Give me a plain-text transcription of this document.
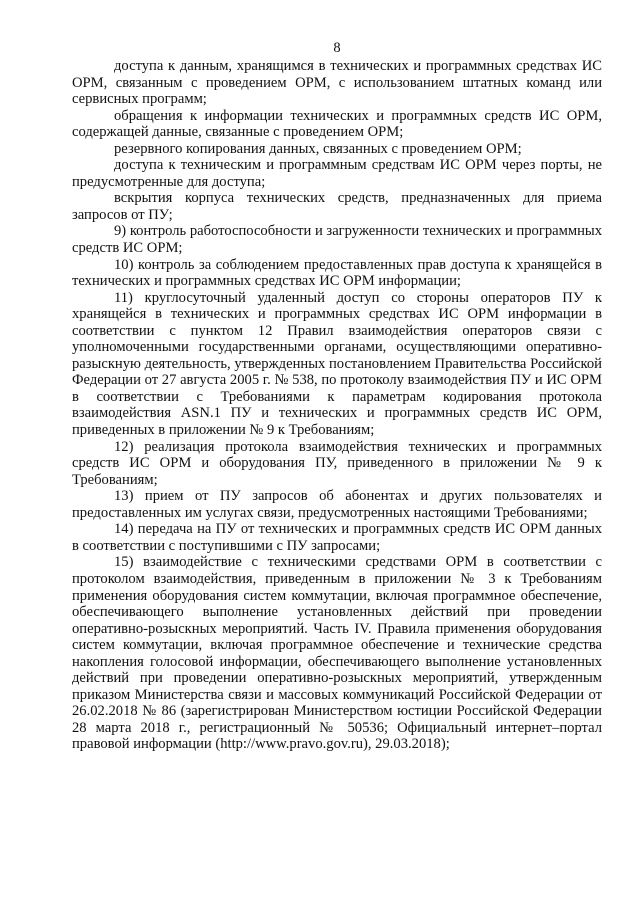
8

доступа к данным, хранящимся в технических и программных средствах ИС ОРМ, связанным с проведением ОРМ, с использованием штатных команд или сервисных программ;

обращения к информации технических и программных средств ИС ОРМ, содержащей данные, связанные с проведением ОРМ;

резервного копирования данных, связанных с проведением ОРМ;

доступа к техническим и программным средствам ИС ОРМ через порты, не предусмотренные для доступа;

вскрытия корпуса технических средств, предназначенных для приема запросов от ПУ;

9) контроль работоспособности и загруженности технических и программных средств ИС ОРМ;

10) контроль за соблюдением предоставленных прав доступа к хранящейся в технических и программных средствах ИС ОРМ информации;

11) круглосуточный удаленный доступ со стороны операторов ПУ к хранящейся в технических и программных средствах ИС ОРМ информации в соответствии с пунктом 12 Правил взаимодействия операторов связи с уполномоченными государственными органами, осуществляющими оперативно-разыскную деятельность, утвержденных постановлением Правительства Российской Федерации от 27 августа 2005 г. № 538, по протоколу взаимодействия ПУ и ИС ОРМ в соответствии с Требованиями к параметрам кодирования протокола взаимодействия ASN.1 ПУ и технических и программных средств ИС ОРМ, приведенных в приложении № 9 к Требованиям;

12) реализация протокола взаимодействия технических и программных средств ИС ОРМ и оборудования ПУ, приведенного в приложении № 9 к Требованиям;

13) прием от ПУ запросов об абонентах и других пользователях и предоставленных им услугах связи, предусмотренных настоящими Требованиями;

14) передача на ПУ от технических и программных средств ИС ОРМ данных в соответствии с поступившими с ПУ запросами;

15) взаимодействие с техническими средствами ОРМ в соответствии с протоколом взаимодействия, приведенным в приложении № 3 к Требованиям применения оборудования систем коммутации, включая программное обеспечение, обеспечивающего выполнение установленных действий при проведении оперативно-розыскных мероприятий. Часть IV. Правила применения оборудования систем коммутации, включая программное обеспечение и технические средства накопления голосовой информации, обеспечивающего выполнение установленных действий при проведении оперативно-розыскных мероприятий, утвержденным приказом Министерства связи и массовых коммуникаций Российской Федерации от 26.02.2018 № 86 (зарегистрирован Министерством юстиции Российской Федерации 28 марта 2018 г., регистрационный № 50536; Официальный интернет–портал правовой информации (http://www.pravo.gov.ru), 29.03.2018);
